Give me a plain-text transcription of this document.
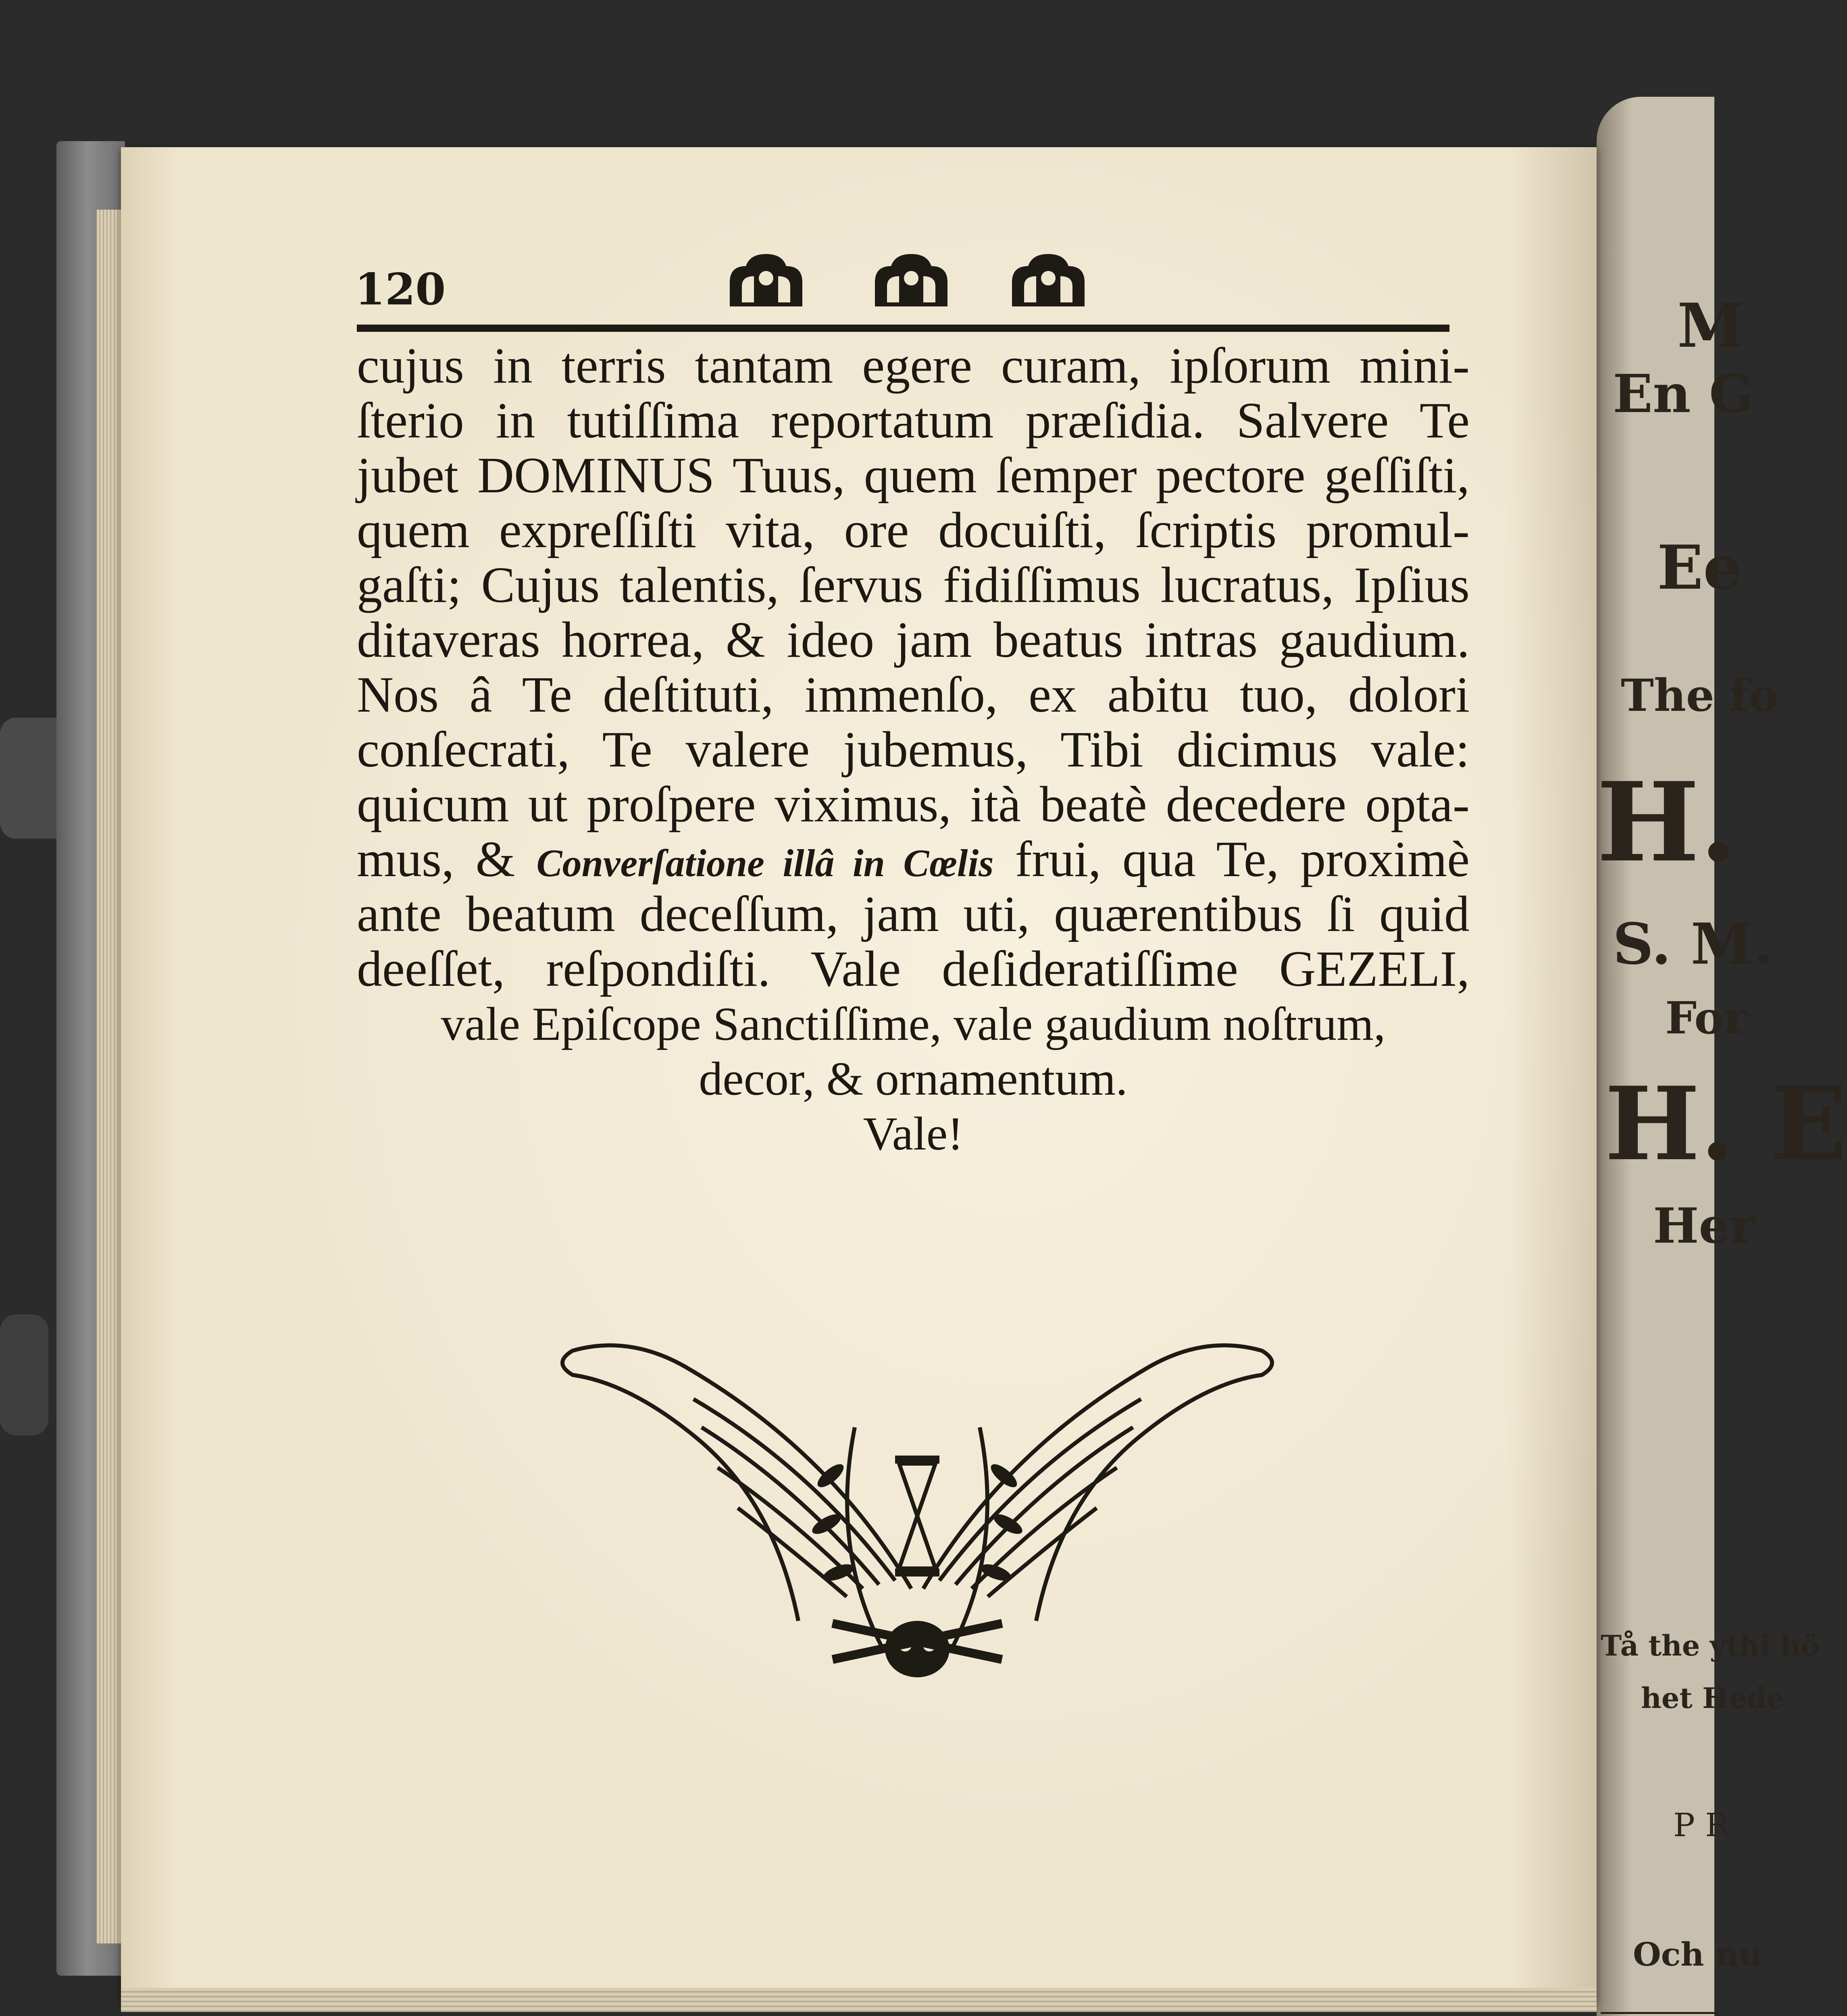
M
En G
Ee
The fo
H.
S. M.
For
H. E
Her
Tå the ythi hö
het Hede
P R
Och nu
120
cujus in terris tantam egere curam, ipſorum mini-
ſterio in tutiſſima reportatum præſidia. Salvere Te
jubet DOMINUS Tuus, quem ſemper pectore geſſiſti,
quem expreſſiſti vita, ore docuiſti, ſcriptis promul-
gaſti; Cujus talentis, ſervus fidiſſimus lucratus, Ipſius
ditaveras horrea, & ideo jam beatus intras gaudium.
Nos â Te deſtituti, immenſo, ex abitu tuo, dolori
conſecrati, Te valere jubemus, Tibi dicimus vale:
quicum ut proſpere viximus, ità beatè decedere opta-
mus, & Converſatione illâ in Cœlis frui, qua Te, proximè
ante beatum deceſſum, jam uti, quærentibus ſi quid
deeſſet, reſpondiſti. Vale deſideratiſſime GEZELI,
vale Epiſcope Sanctiſſime, vale gaudium noſtrum,
decor, & ornamentum.
Vale!
